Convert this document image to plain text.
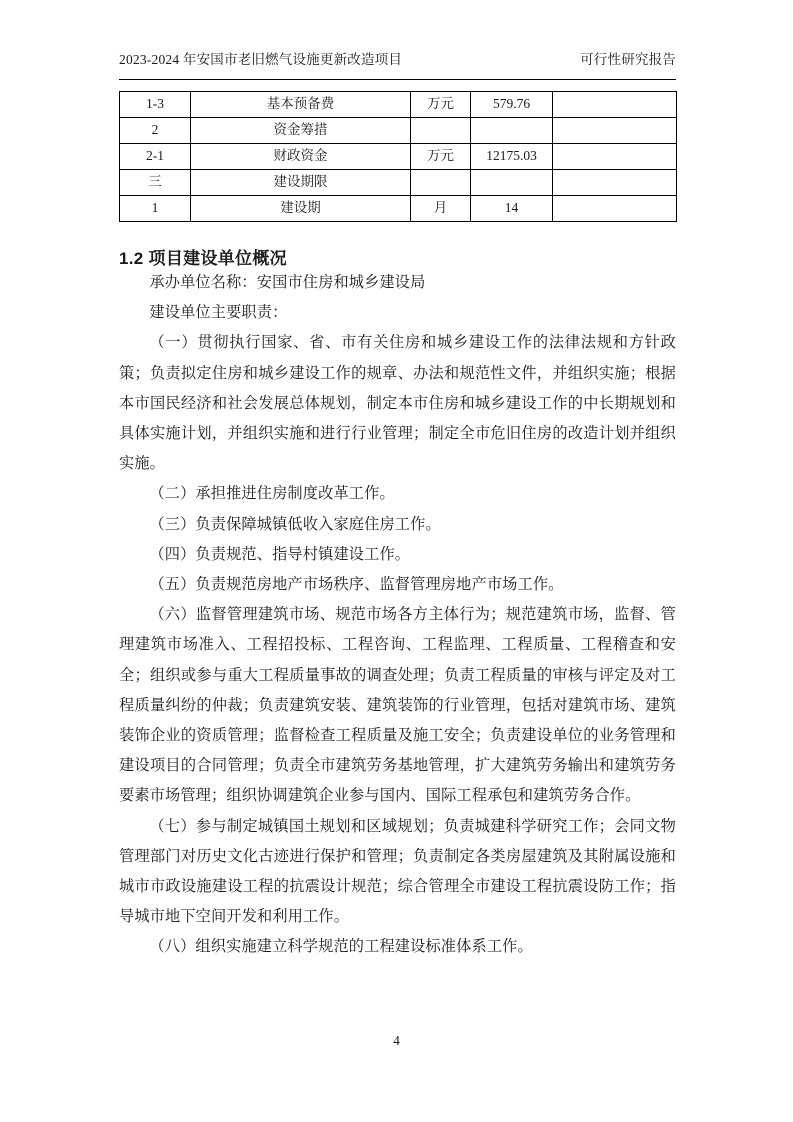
2023-2024 年安国市老旧燃气设施更新改造项目	可行性研究报告
1-3	基本预备费	万元	579.76	
2	资金筹措			
2-1	财政资金	万元	12175.03	
三	建设期限			
1	建设期	月	14	
1.2 项目建设单位概况

承办单位名称：安国市住房和城乡建设局

建设单位主要职责：

（一）贯彻执行国家、省、市有关住房和城乡建设工作的法律法规和方针政策；负责拟定住房和城乡建设工作的规章、办法和规范性文件，并组织实施；根据本市国民经济和社会发展总体规划，制定本市住房和城乡建设工作的中长期规划和具体实施计划，并组织实施和进行行业管理；制定全市危旧住房的改造计划并组织实施。

（二）承担推进住房制度改革工作。

（三）负责保障城镇低收入家庭住房工作。

（四）负责规范、指导村镇建设工作。

（五）负责规范房地产市场秩序、监督管理房地产市场工作。

（六）监督管理建筑市场、规范市场各方主体行为；规范建筑市场，监督、管理建筑市场准入、工程招投标、工程咨询、工程监理、工程质量、工程稽查和安全；组织或参与重大工程质量事故的调查处理；负责工程质量的审核与评定及对工程质量纠纷的仲裁；负责建筑安装、建筑装饰的行业管理，包括对建筑市场、建筑装饰企业的资质管理；监督检查工程质量及施工安全；负责建设单位的业务管理和建设项目的合同管理；负责全市建筑劳务基地管理，扩大建筑劳务输出和建筑劳务要素市场管理；组织协调建筑企业参与国内、国际工程承包和建筑劳务合作。

（七）参与制定城镇国土规划和区域规划；负责城建科学研究工作；会同文物管理部门对历史文化古迹进行保护和管理；负责制定各类房屋建筑及其附属设施和城市市政设施建设工程的抗震设计规范；综合管理全市建设工程抗震设防工作；指导城市地下空间开发和利用工作。

（八）组织实施建立科学规范的工程建设标准体系工作。

4
